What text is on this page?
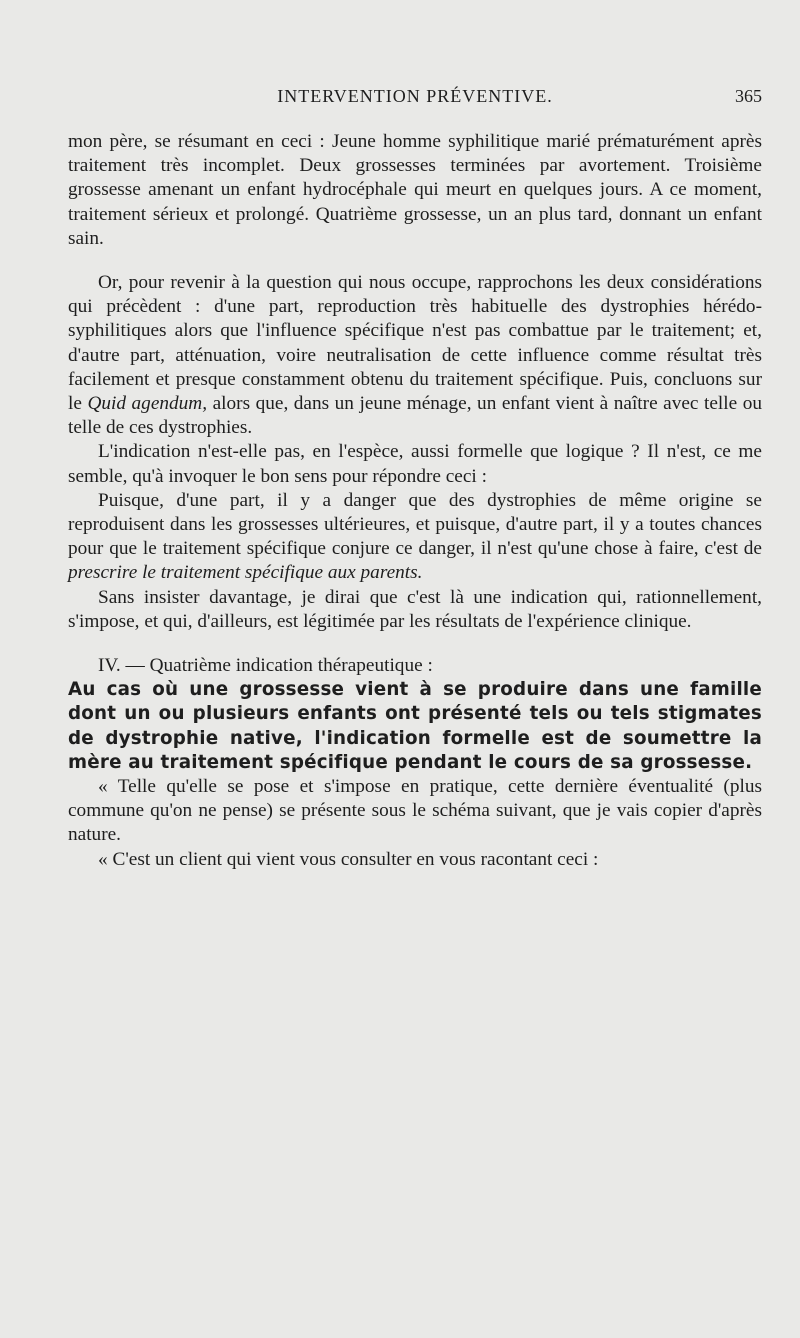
INTERVENTION PRÉVENTIVE.	365

mon père, se résumant en ceci : Jeune homme syphilitique marié prématurément après traitement très incomplet. Deux grossesses terminées par avortement. Troisième grossesse amenant un enfant hydrocéphale qui meurt en quelques jours. A ce moment, traitement sérieux et prolongé. Quatrième grossesse, un an plus tard, donnant un enfant sain.

Or, pour revenir à la question qui nous occupe, rapprochons les deux considérations qui précèdent : d'une part, reproduction très habituelle des dystrophies hérédo-syphilitiques alors que l'influence spécifique n'est pas combattue par le traitement; et, d'autre part, atténuation, voire neutralisation de cette influence comme résultat très facilement et presque constamment obtenu du traitement spécifique. Puis, concluons sur le Quid agendum, alors que, dans un jeune ménage, un enfant vient à naître avec telle ou telle de ces dystrophies.

L'indication n'est-elle pas, en l'espèce, aussi formelle que logique ? Il n'est, ce me semble, qu'à invoquer le bon sens pour répondre ceci :

Puisque, d'une part, il y a danger que des dystrophies de même origine se reproduisent dans les grossesses ultérieures, et puisque, d'autre part, il y a toutes chances pour que le traitement spécifique conjure ce danger, il n'est qu'une chose à faire, c'est de prescrire le traitement spécifique aux parents.

Sans insister davantage, je dirai que c'est là une indication qui, rationnellement, s'impose, et qui, d'ailleurs, est légitimée par les résultats de l'expérience clinique.

IV. — Quatrième indication thérapeutique :
Au cas où une grossesse vient à se produire dans une famille dont un ou plusieurs enfants ont présenté tels ou tels stigmates de dystrophie native, l'indication formelle est de soumettre la mère au traitement spécifique pendant le cours de sa grossesse.

« Telle qu'elle se pose et s'impose en pratique, cette dernière éventualité (plus commune qu'on ne pense) se présente sous le schéma suivant, que je vais copier d'après nature.

« C'est un client qui vient vous consulter en vous racontant ceci :
